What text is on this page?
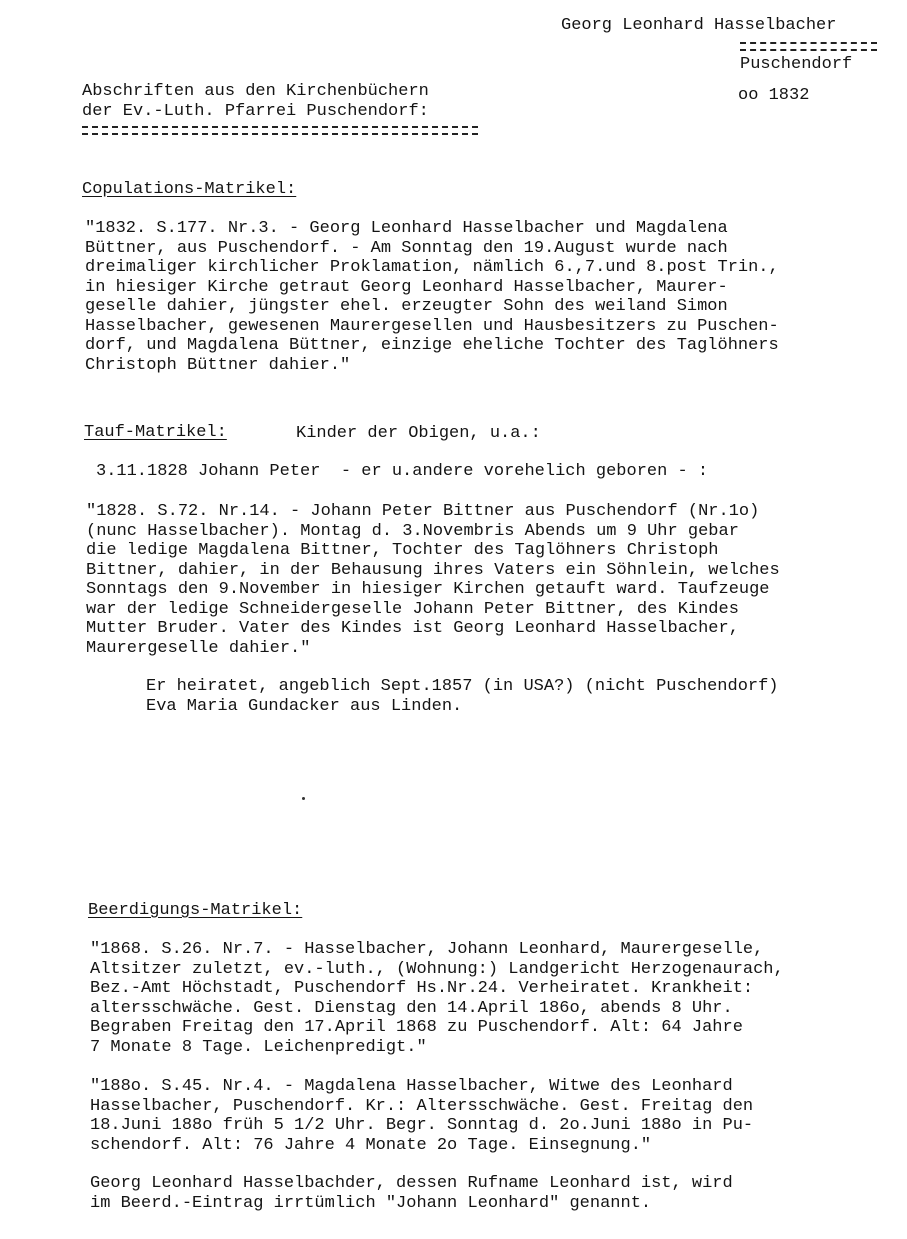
Georg Leonhard Hasselbacher
Puschendorf
oo 1832
Abschriften aus den Kirchenbüchern
der Ev.-Luth. Pfarrei Puschendorf:
Copulations-Matrikel:
"1832. S.177. Nr.3. - Georg Leonhard Hasselbacher und Magdalena
Büttner, aus Puschendorf. - Am Sonntag den 19.August wurde nach
dreimaliger kirchlicher Proklamation, nämlich 6.,7.und 8.post Trin.,
in hiesiger Kirche getraut Georg Leonhard Hasselbacher, Maurer-
geselle dahier, jüngster ehel. erzeugter Sohn des weiland Simon
Hasselbacher, gewesenen Maurergesellen und Hausbesitzers zu Puschen-
dorf, und Magdalena Büttner, einzige eheliche Tochter des Taglöhners
Christoph Büttner dahier."
Tauf-Matrikel:	Kinder der Obigen, u.a.:
3.11.1828 Johann Peter  - er u.andere vorehelich geboren - :
"1828. S.72. Nr.14. - Johann Peter Bittner aus Puschendorf (Nr.1o)
(nunc Hasselbacher). Montag d. 3.Novembris Abends um 9 Uhr gebar
die ledige Magdalena Bittner, Tochter des Taglöhners Christoph
Bittner, dahier, in der Behausung ihres Vaters ein Söhnlein, welches
Sonntags den 9.November in hiesiger Kirchen getauft ward. Taufzeuge
war der ledige Schneidergeselle Johann Peter Bittner, des Kindes
Mutter Bruder. Vater des Kindes ist Georg Leonhard Hasselbacher,
Maurergeselle dahier."
Er heiratet, angeblich Sept.1857 (in USA?) (nicht Puschendorf)
Eva Maria Gundacker aus Linden.
Beerdigungs-Matrikel:
"1868. S.26. Nr.7. - Hasselbacher, Johann Leonhard, Maurergeselle,
Altsitzer zuletzt, ev.-luth., (Wohnung:) Landgericht Herzogenaurach,
Bez.-Amt Höchstadt, Puschendorf Hs.Nr.24. Verheiratet. Krankheit:
altersschwäche. Gest. Dienstag den 14.April 186o, abends 8 Uhr.
Begraben Freitag den 17.April 1868 zu Puschendorf. Alt: 64 Jahre
7 Monate 8 Tage. Leichenpredigt."
"188o. S.45. Nr.4. - Magdalena Hasselbacher, Witwe des Leonhard
Hasselbacher, Puschendorf. Kr.: Altersschwäche. Gest. Freitag den
18.Juni 188o früh 5 1/2 Uhr. Begr. Sonntag d. 2o.Juni 188o in Pu-
schendorf. Alt: 76 Jahre 4 Monate 2o Tage. Einsegnung."
Georg Leonhard Hasselbachder, dessen Rufname Leonhard ist, wird
im Beerd.-Eintrag irrtümlich "Johann Leonhard" genannt.
